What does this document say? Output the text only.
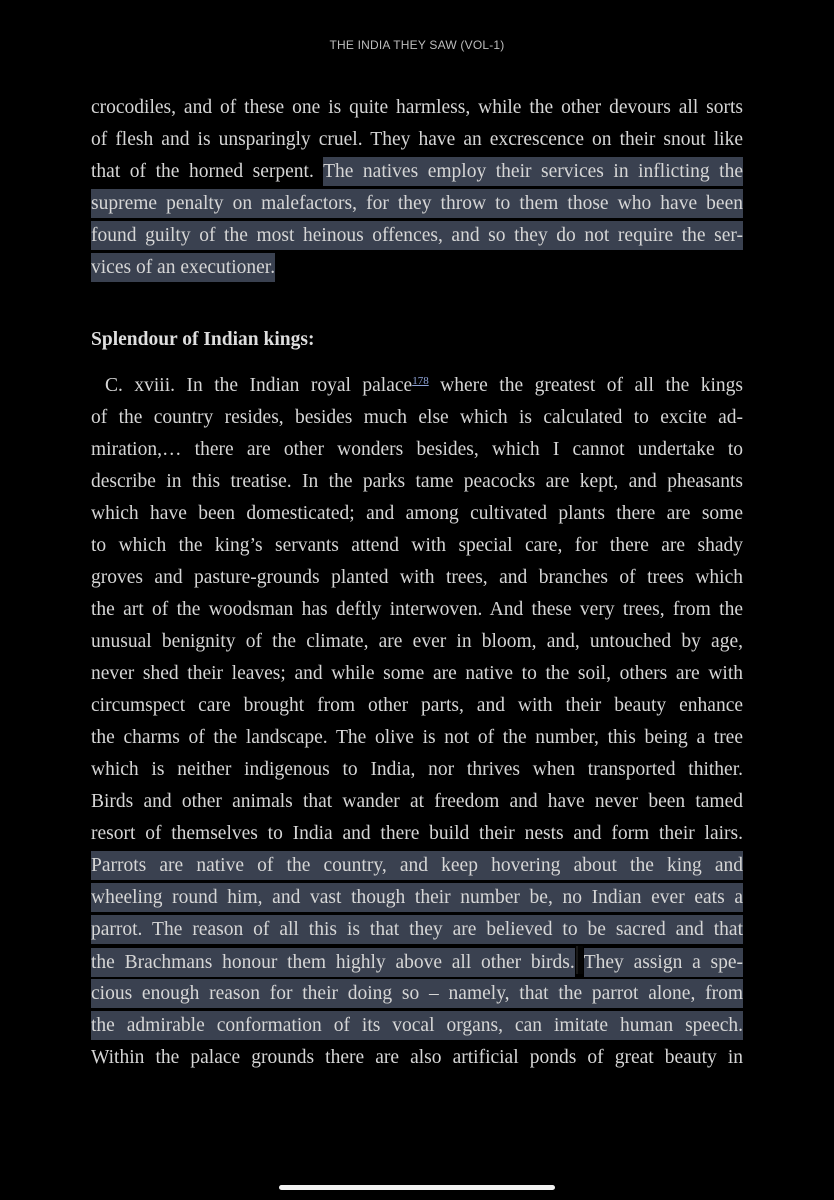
THE INDIA THEY SAW (VOL-1)
crocodiles, and of these one is quite harmless, while the other devours all sorts
of flesh and is unsparingly cruel. They have an excrescence on their snout like
that of the horned serpent. The natives employ their services in inflicting the
supreme penalty on malefactors, for they throw to them those who have been
found guilty of the most heinous offences, and so they do not require the ser-
vices of an executioner.
Splendour of Indian kings:
C. xviii. In the Indian royal palace$^{178}$ where the greatest of all the kings
of the country resides, besides much else which is calculated to excite ad-
miration,… there are other wonders besides, which I cannot undertake to
describe in this treatise. In the parks tame peacocks are kept, and pheasants
which have been domesticated; and among cultivated plants there are some
to which the king’s servants attend with special care, for there are shady
groves and pasture-grounds planted with trees, and branches of trees which
the art of the woodsman has deftly interwoven. And these very trees, from the
unusual benignity of the climate, are ever in bloom, and, untouched by age,
never shed their leaves; and while some are native to the soil, others are with
circumspect care brought from other parts, and with their beauty enhance
the charms of the landscape. The olive is not of the number, this being a tree
which is neither indigenous to India, nor thrives when transported thither.
Birds and other animals that wander at freedom and have never been tamed
resort of themselves to India and there build their nests and form their lairs.
Parrots are native of the country, and keep hovering about the king and
wheeling round him, and vast though their number be, no Indian ever eats a
parrot. The reason of all this is that they are believed to be sacred and that
the Brachmans honour them highly above all other birds. They assign a spe-
cious enough reason for their doing so – namely, that the parrot alone, from
the admirable conformation of its vocal organs, can imitate human speech.
Within the palace grounds there are also artificial ponds of great beauty in
